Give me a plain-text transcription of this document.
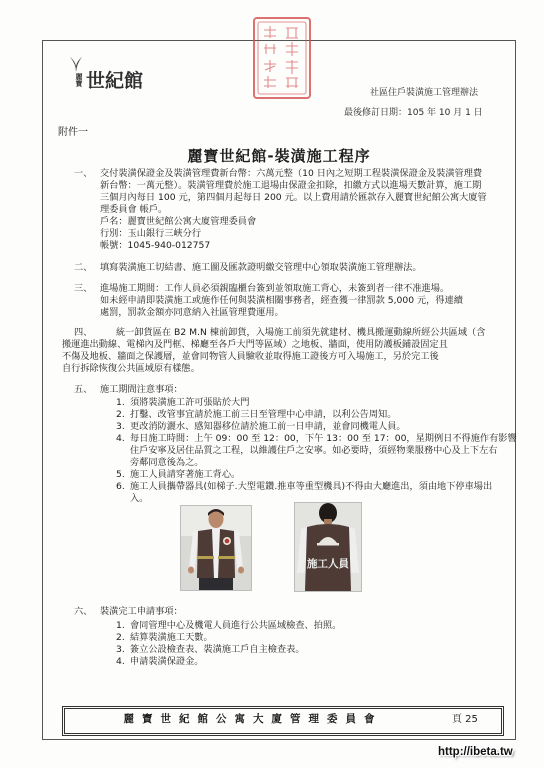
麗寶 世紀館
社區住戶裝潢施工管理辦法
最後修訂日期：105 年 10 月 1 日
附件一
麗寶世紀館-裝潢施工程序
一、 交付裝潢保證金及裝潢管理費新台幣：六萬元整（10 日內之短期工程裝潢保證金及裝潢管理費
新台幣：一萬元整）。裝潢管理費於施工退場由保證金扣除，扣繳方式以進場天數計算，施工期
三個月內每日 100 元，第四個月起每日 200 元。以上費用請於匯款存入麗寶世紀館公寓大廈管
理委員會 帳戶。
戶名：麗寶世紀館公寓大廈管理委員會
行別：玉山銀行三峽分行
帳號：1045-940-012757
二、 填寫裝潢施工切結書、施工圖及匯款證明繳交管理中心領取裝潢施工管理辦法。
三、 進場施工期間：工作人員必須親臨櫃台簽到並領取施工背心，未簽到者一律不准進場。
如未經申請即裝潢施工或施作任何與裝潢相關事務者，經查獲一律罰款 5,000 元，得連續
處罰，罰款金額亦同意納入社區管理費運用。
四、	統一卸貨區在 B2 M.N 棟前卸貨，入場施工前須先就建材、機具搬運動線所經公共區域（含
搬運進出動線、電梯內及門框、梯廳至各戶大門等區域）之地板、牆面，使用防護板鋪設固定且
不傷及地板、牆面之保護層，並會同物管人員驗收並取得施工證後方可入場施工，另於完工後
自行拆除恢復公共區域原有樣態。
五、 施工期間注意事項：
1. 須將裝潢施工許可張貼於大門
2. 打鑿、改管事宜請於施工前三日至管理中心申請，以利公告周知。
3. 更改消防灑水、感知器移位請於施工前一日申請，並會同機電人員。
4. 每日施工時間：上午 09：00 至 12：00，下午 13：00 至 17：00，星期例日不得施作有影響
住戶安寧及居住品質之工程，以維護住戶之安寧。如必要時，須經物業服務中心及上下左右
旁鄰同意後為之。
5. 施工人員請穿著施工背心。
6. 施工人員攜帶器具(如梯子.大型電鑽.推車等重型機具)不得由大廳進出，須由地下停車場出
入。
施工人員
六、 裝潢完工申請事項：
1. 會同管理中心及機電人員進行公共區域檢查、拍照。
2. 結算裝潢施工天數。
3. 簽立公設檢查表、裝潢施工戶自主檢查表。
4. 申請裝潢保證金。
麗寶世紀館公寓大廈管理委員會	頁 25
http://ibeta.tw
